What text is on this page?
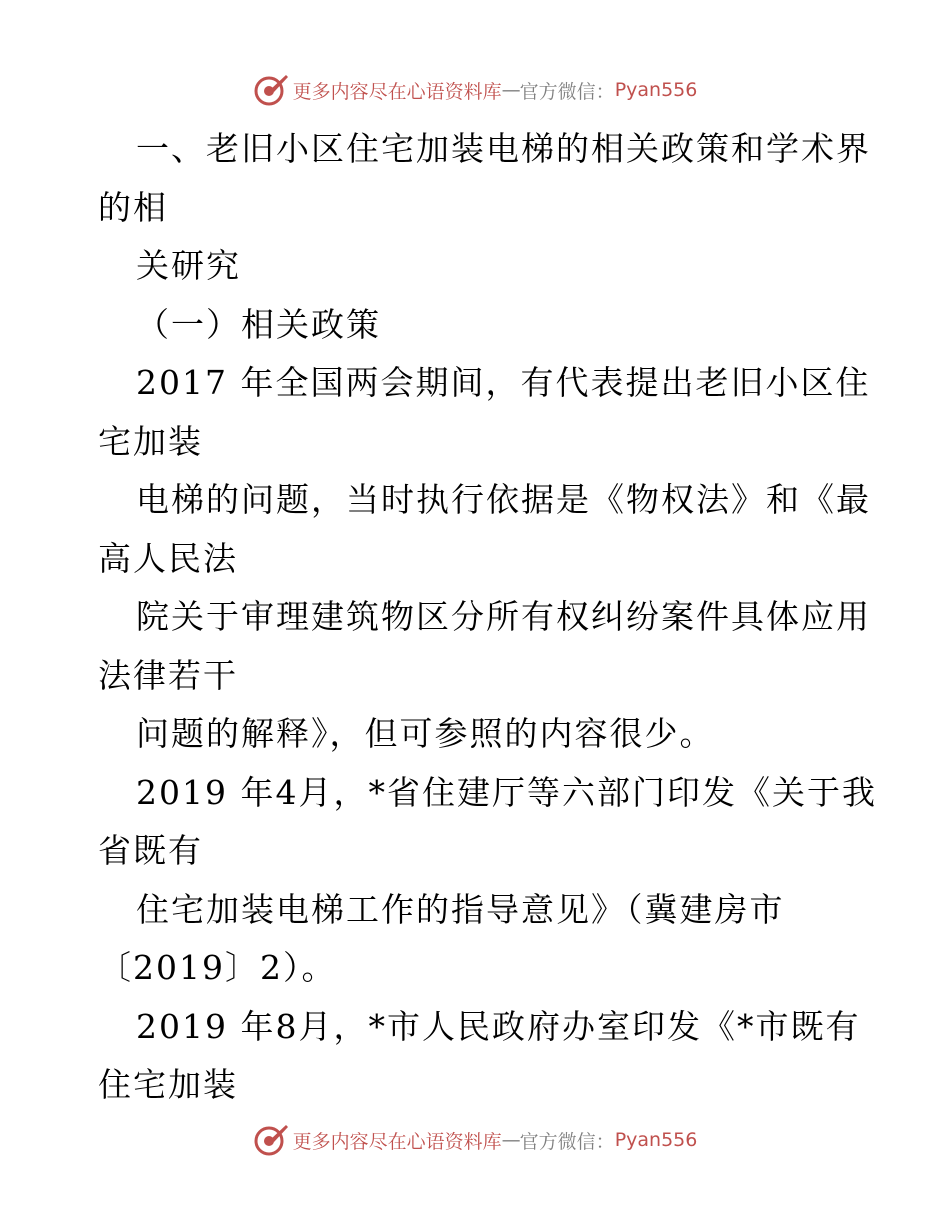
更多内容尽在心语资料库 — 官方微信： Pyan556

一、老旧小区住宅加装电梯的相关政策和学术界

的相

关研究

（一）相关政策

2017 年全国两会期间，有代表提出老旧小区住

宅加装

电梯的问题，当时执行依据是《物权法》和《最

高人民法

院关于审理建筑物区分所有权纠纷案件具体应用

法律若干

问题的解释》，但可参照的内容很少。

2019 年4月，*省住建厅等六部门印发《关于我

省既有

住宅加装电梯工作的指导意见》（冀建房市

〔2019〕2）。

2019 年8月，*市人民政府办室印发《*市既有

住宅加装

更多内容尽在心语资料库 — 官方微信： Pyan556
